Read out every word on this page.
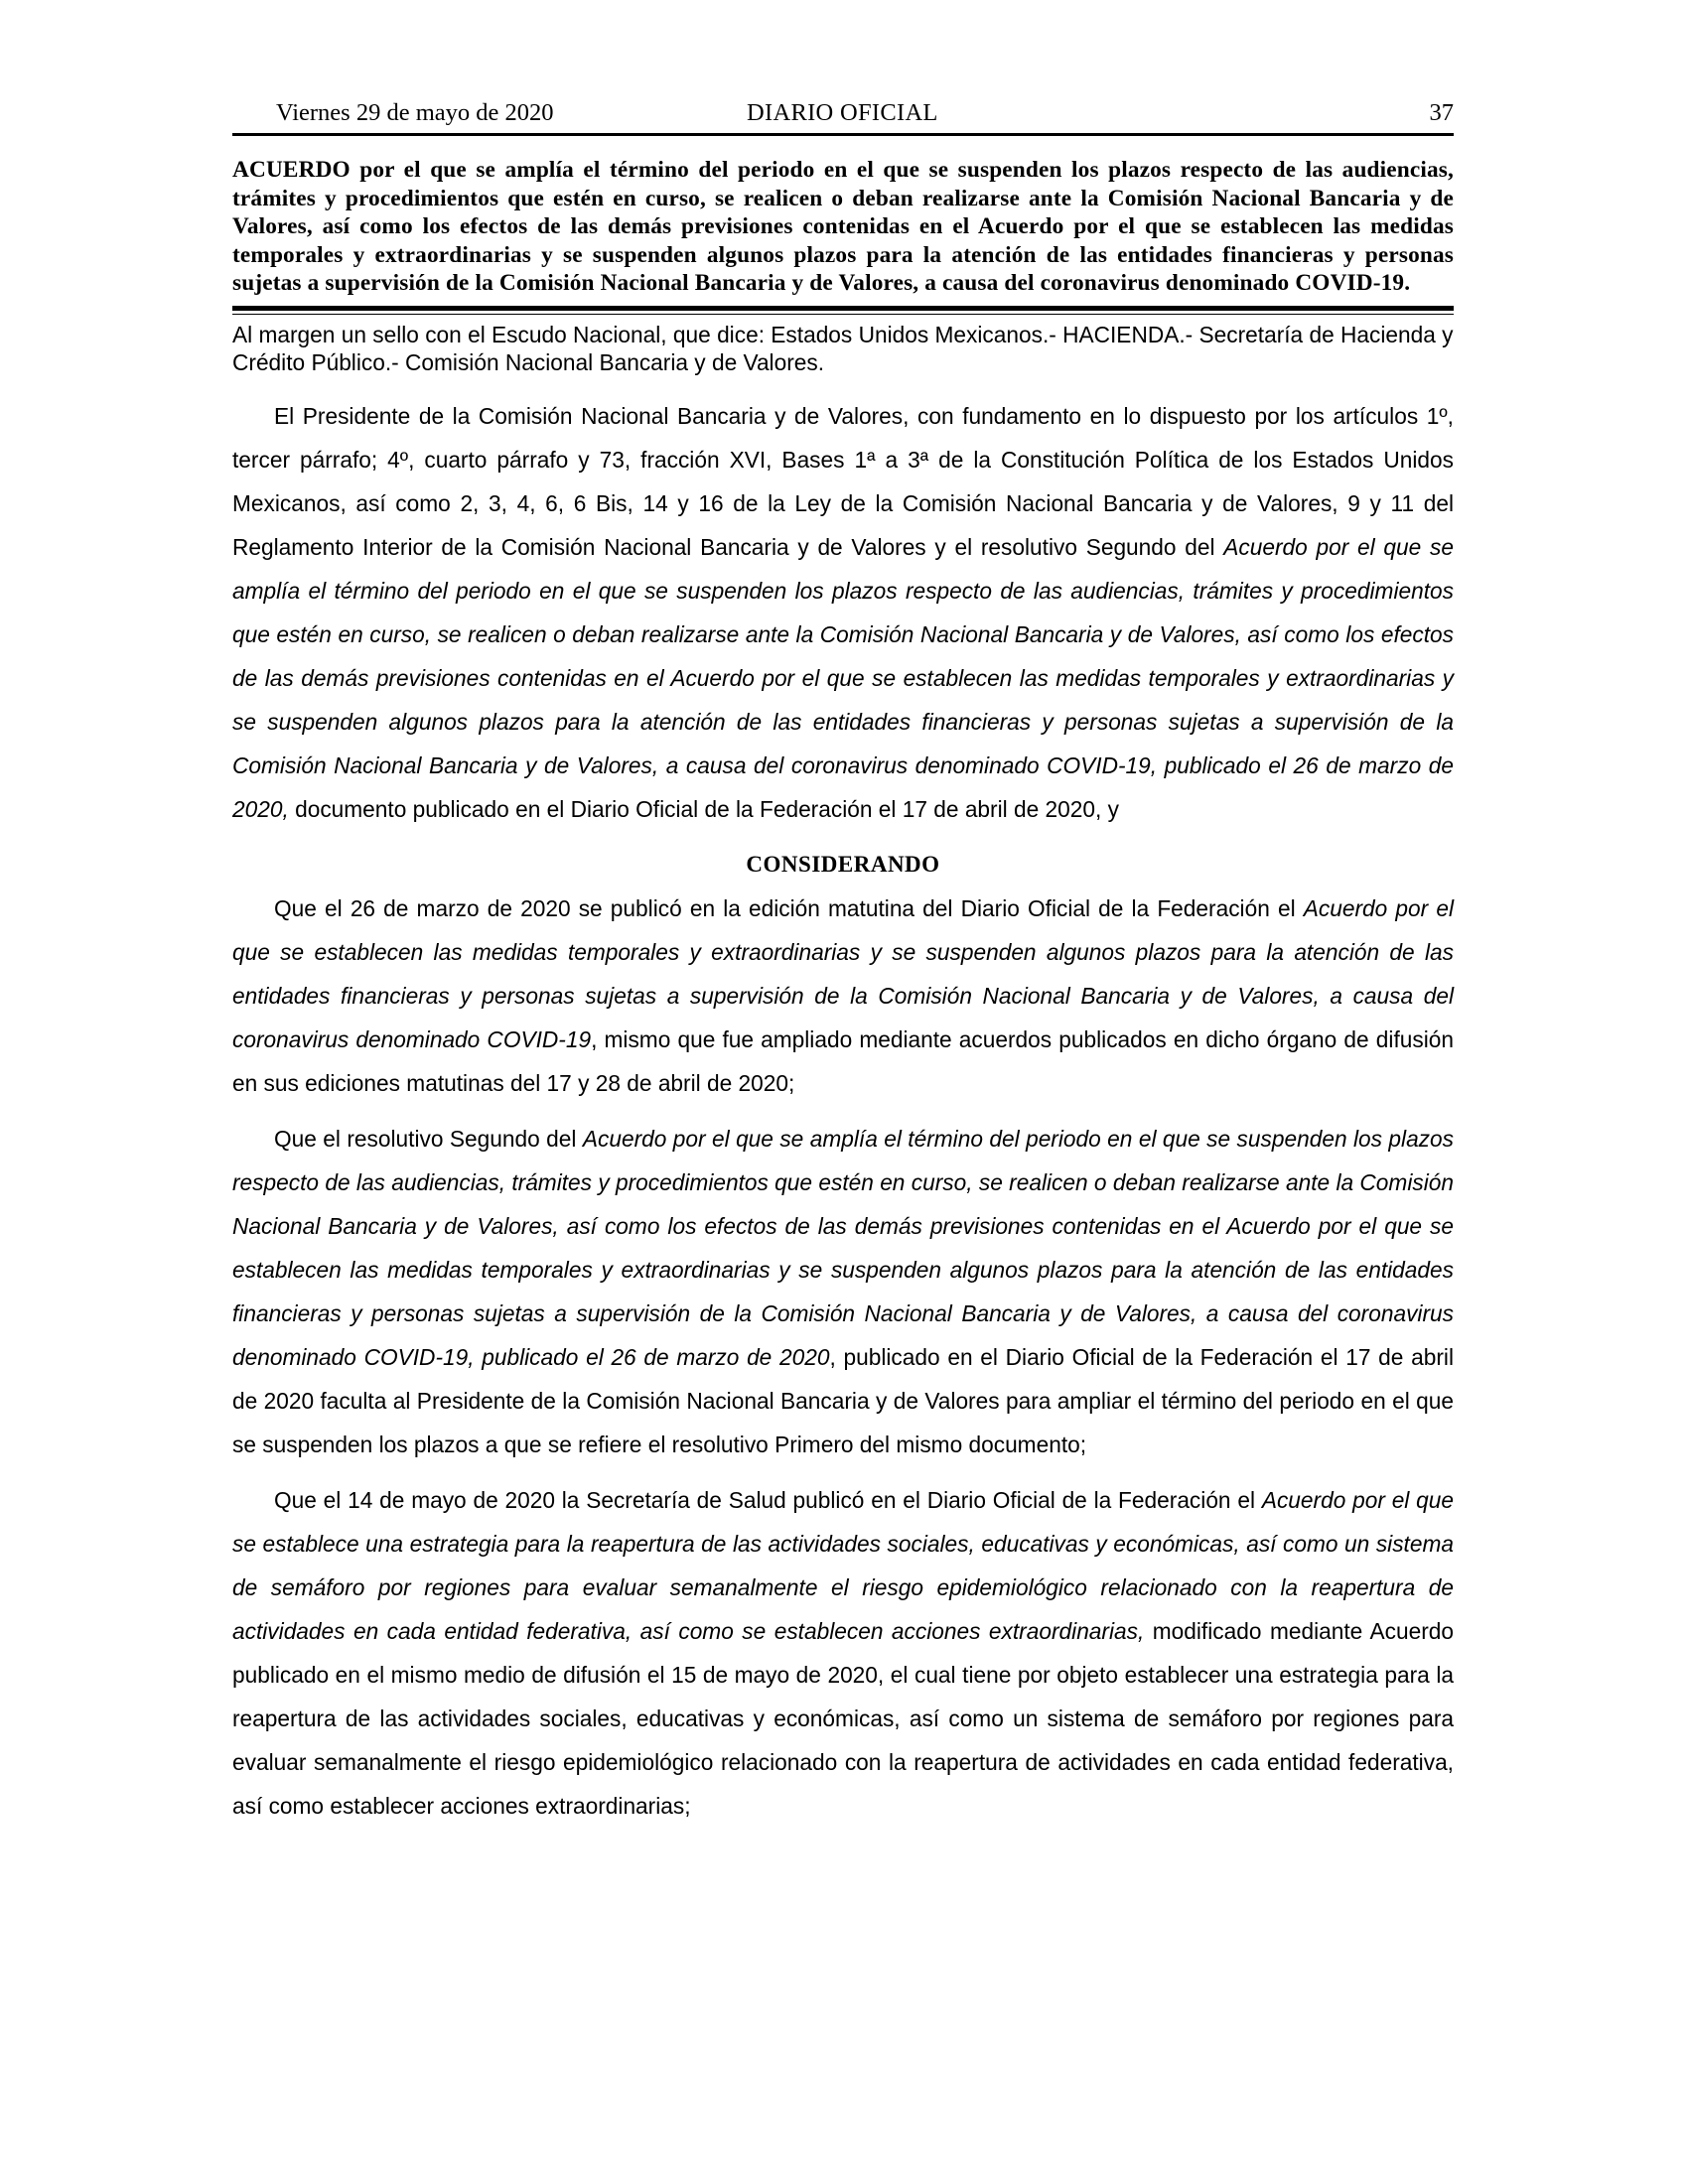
Viernes 29 de mayo de 2020	DIARIO OFICIAL	37

ACUERDO por el que se amplía el término del periodo en el que se suspenden los plazos respecto de las audiencias, trámites y procedimientos que estén en curso, se realicen o deban realizarse ante la Comisión Nacional Bancaria y de Valores, así como los efectos de las demás previsiones contenidas en el Acuerdo por el que se establecen las medidas temporales y extraordinarias y se suspenden algunos plazos para la atención de las entidades financieras y personas sujetas a supervisión de la Comisión Nacional Bancaria y de Valores, a causa del coronavirus denominado COVID-19.

Al margen un sello con el Escudo Nacional, que dice: Estados Unidos Mexicanos.- HACIENDA.- Secretaría de Hacienda y Crédito Público.- Comisión Nacional Bancaria y de Valores.

El Presidente de la Comisión Nacional Bancaria y de Valores, con fundamento en lo dispuesto por los artículos 1º, tercer párrafo; 4º, cuarto párrafo y 73, fracción XVI, Bases 1ª a 3ª de la Constitución Política de los Estados Unidos Mexicanos, así como 2, 3, 4, 6, 6 Bis, 14 y 16 de la Ley de la Comisión Nacional Bancaria y de Valores, 9 y 11 del Reglamento Interior de la Comisión Nacional Bancaria y de Valores y el resolutivo Segundo del Acuerdo por el que se amplía el término del periodo en el que se suspenden los plazos respecto de las audiencias, trámites y procedimientos que estén en curso, se realicen o deban realizarse ante la Comisión Nacional Bancaria y de Valores, así como los efectos de las demás previsiones contenidas en el Acuerdo por el que se establecen las medidas temporales y extraordinarias y se suspenden algunos plazos para la atención de las entidades financieras y personas sujetas a supervisión de la Comisión Nacional Bancaria y de Valores, a causa del coronavirus denominado COVID-19, publicado el 26 de marzo de 2020, documento publicado en el Diario Oficial de la Federación el 17 de abril de 2020, y

CONSIDERANDO

Que el 26 de marzo de 2020 se publicó en la edición matutina del Diario Oficial de la Federación el Acuerdo por el que se establecen las medidas temporales y extraordinarias y se suspenden algunos plazos para la atención de las entidades financieras y personas sujetas a supervisión de la Comisión Nacional Bancaria y de Valores, a causa del coronavirus denominado COVID-19, mismo que fue ampliado mediante acuerdos publicados en dicho órgano de difusión en sus ediciones matutinas del 17 y 28 de abril de 2020;

Que el resolutivo Segundo del Acuerdo por el que se amplía el término del periodo en el que se suspenden los plazos respecto de las audiencias, trámites y procedimientos que estén en curso, se realicen o deban realizarse ante la Comisión Nacional Bancaria y de Valores, así como los efectos de las demás previsiones contenidas en el Acuerdo por el que se establecen las medidas temporales y extraordinarias y se suspenden algunos plazos para la atención de las entidades financieras y personas sujetas a supervisión de la Comisión Nacional Bancaria y de Valores, a causa del coronavirus denominado COVID-19, publicado el 26 de marzo de 2020, publicado en el Diario Oficial de la Federación el 17 de abril de 2020 faculta al Presidente de la Comisión Nacional Bancaria y de Valores para ampliar el término del periodo en el que se suspenden los plazos a que se refiere el resolutivo Primero del mismo documento;

Que el 14 de mayo de 2020 la Secretaría de Salud publicó en el Diario Oficial de la Federación el Acuerdo por el que se establece una estrategia para la reapertura de las actividades sociales, educativas y económicas, así como un sistema de semáforo por regiones para evaluar semanalmente el riesgo epidemiológico relacionado con la reapertura de actividades en cada entidad federativa, así como se establecen acciones extraordinarias, modificado mediante Acuerdo publicado en el mismo medio de difusión el 15 de mayo de 2020, el cual tiene por objeto establecer una estrategia para la reapertura de las actividades sociales, educativas y económicas, así como un sistema de semáforo por regiones para evaluar semanalmente el riesgo epidemiológico relacionado con la reapertura de actividades en cada entidad federativa, así como establecer acciones extraordinarias;
